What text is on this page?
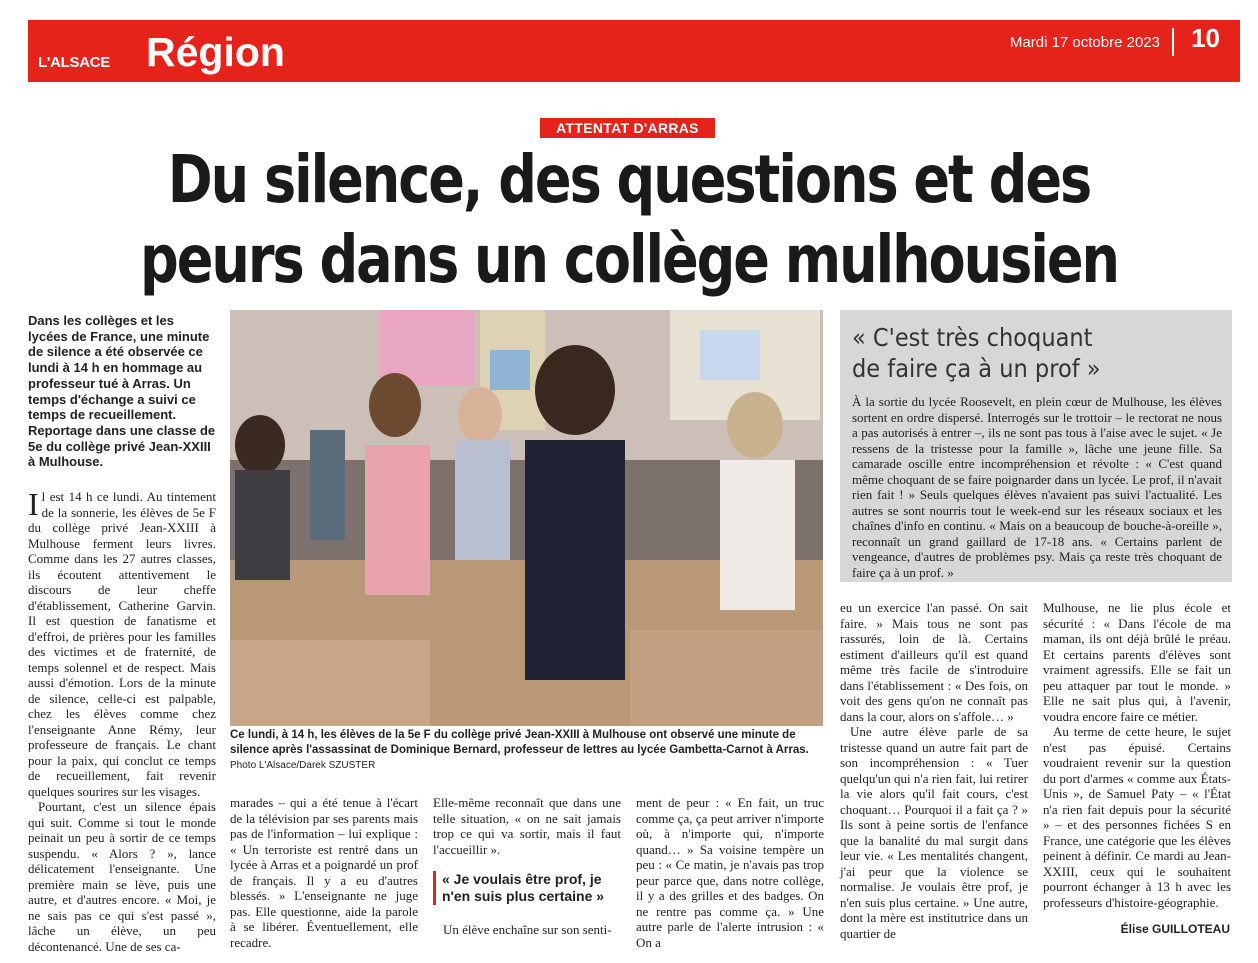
L'ALSACE Région	Mardi 17 octobre 2023 10
ATTENTAT D'ARRAS
Du silence, des questions et des
peurs dans un collège mulhousien
Dans les collèges et les lycées de France, une minute de silence a été observée ce lundi à 14 h en hommage au professeur tué à Arras. Un temps d'échange a suivi ce temps de recueillement. Reportage dans une classe de 5e du collège privé Jean-XXIII à Mulhouse.

Il est 14 h ce lundi. Au tintement de la sonnerie, les élèves de 5e F du collège privé Jean-XXIII à Mulhouse ferment leurs livres. Comme dans les 27 autres classes, ils écoutent attentivement le discours de leur cheffe d'établissement, Catherine Garvin. Il est question de fanatisme et d'effroi, de prières pour les familles des victimes et de fraternité, de temps solennel et de respect. Mais aussi d'émotion. Lors de la minute de silence, celle-ci est palpable, chez les élèves comme chez l'enseignante Anne Rémy, leur professeure de français. Le chant pour la paix, qui conclut ce temps de recueillement, fait revenir quelques sourires sur les visages.

Pourtant, c'est un silence épais qui suit. Comme si tout le monde peinait un peu à sortir de ce temps suspendu. « Alors ? », lance délicatement l'enseignante. Une première main se lève, puis une autre, et d'autres encore. « Moi, je ne sais pas ce qui s'est passé », lâche un élève, un peu décontenancé. Une de ses ca-

Ce lundi, à 14 h, les élèves de la 5e F du collège privé Jean-XXIII à Mulhouse ont observé une minute de silence après l'assassinat de Dominique Bernard, professeur de lettres au lycée Gambetta-Carnot à Arras. Photo L'Alsace/Darek SZUSTER

marades – qui a été tenue à l'écart de la télévision par ses parents mais pas de l'information – lui explique : « Un terroriste est rentré dans un lycée à Arras et a poignardé un prof de français. Il y a eu d'autres blessés. » L'enseignante ne juge pas. Elle questionne, aide la parole à se libérer. Éventuellement, elle recadre.

Elle-même reconnaît que dans une telle situation, « on ne sait jamais trop ce qui va sortir, mais il faut l'accueillir ».

« Je voulais être prof, je n'en suis plus certaine »

Un élève enchaîne sur son senti-

ment de peur : « En fait, un truc comme ça, ça peut arriver n'importe où, à n'importe qui, n'importe quand… » Sa voisine tempère un peu : « Ce matin, je n'avais pas trop peur parce que, dans notre collège, il y a des grilles et des badges. On ne rentre pas comme ça. » Une autre parle de l'alerte intrusion : « On a

« C'est très choquant
de faire ça à un prof »
À la sortie du lycée Roosevelt, en plein cœur de Mulhouse, les élèves sortent en ordre dispersé. Interrogés sur le trottoir – le rectorat ne nous a pas autorisés à entrer –, ils ne sont pas tous à l'aise avec le sujet. « Je ressens de la tristesse pour la famille », lâche une jeune fille. Sa camarade oscille entre incompréhension et révolte : « C'est quand même choquant de se faire poignarder dans un lycée. Le prof, il n'avait rien fait ! » Seuls quelques élèves n'avaient pas suivi l'actualité. Les autres se sont nourris tout le week-end sur les réseaux sociaux et les chaînes d'info en continu. « Mais on a beaucoup de bouche-à-oreille », reconnaît un grand gaillard de 17-18 ans. « Certains parlent de vengeance, d'autres de problèmes psy. Mais ça reste très choquant de faire ça à un prof. »

eu un exercice l'an passé. On sait faire. » Mais tous ne sont pas rassurés, loin de là. Certains estiment d'ailleurs qu'il est quand même très facile de s'introduire dans l'établissement : « Des fois, on voit des gens qu'on ne connaît pas dans la cour, alors on s'affole… »

Une autre élève parle de sa tristesse quand un autre fait part de son incompréhension : « Tuer quelqu'un qui n'a rien fait, lui retirer la vie alors qu'il fait cours, c'est choquant… Pourquoi il a fait ça ? » Ils sont à peine sortis de l'enfance que la banalité du mal surgit dans leur vie. « Les mentalités changent, j'ai peur que la violence se normalise. Je voulais être prof, je n'en suis plus certaine. » Une autre, dont la mère est institutrice dans un quartier de

Mulhouse, ne lie plus école et sécurité : « Dans l'école de ma maman, ils ont déjà brûlé le préau. Et certains parents d'élèves sont vraiment agressifs. Elle se fait un peu attaquer par tout le monde. » Elle ne sait plus qui, à l'avenir, voudra encore faire ce métier.

Au terme de cette heure, le sujet n'est pas épuisé. Certains voudraient revenir sur la question du port d'armes « comme aux États-Unis », de Samuel Paty – « l'État n'a rien fait depuis pour la sécurité » – et des personnes fichées S en France, une catégorie que les élèves peinent à définir. Ce mardi au Jean-XXIII, ceux qui le souhaitent pourront échanger à 13 h avec les professeurs d'histoire-géographie.

Élise GUILLOTEAU
